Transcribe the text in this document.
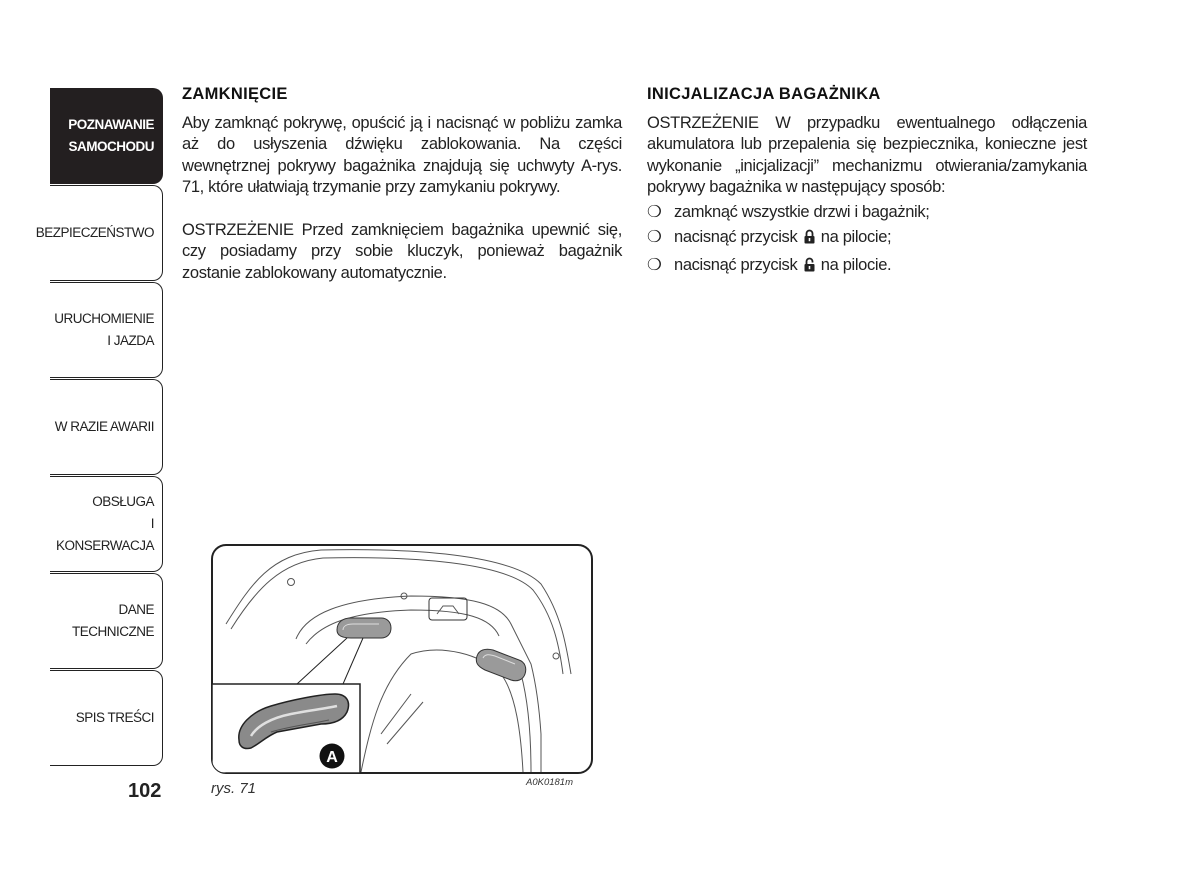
POZNAWANIE
SAMOCHODU
BEZPIECZEŃSTWO
URUCHOMIENIE
I JAZDA
W RAZIE AWARII
OBSŁUGA
I KONSERWACJA
DANE
TECHNICZNE
SPIS TREŚCI
102
ZAMKNIĘCIE

Aby zamknąć pokrywę, opuścić ją i nacisnąć w pobliżu zamka aż do usłyszenia dźwięku zablokowania. Na części wewnętrznej pokrywy bagażnika znajdują się uchwyty A-rys. 71, które ułatwiają trzymanie przy zamykaniu pokrywy.

OSTRZEŻENIE Przed zamknięciem bagażnika upewnić się, czy posiadamy przy sobie kluczyk, ponieważ bagażnik zostanie zablokowany automatycznie.

INICJALIZACJA BAGAŻNIKA

OSTRZEŻENIE W przypadku ewentualnego odłączenia akumulatora lub przepalenia się bezpiecznika, konieczne jest wykonanie „inicjalizacji” mechanizmu otwierania/zamykania pokrywy bagażnika w następujący sposób:

❍ zamknąć wszystkie drzwi i bagażnik;
❍ nacisnąć przycisk  na pilocie;
❍ nacisnąć przycisk  na pilocie.
A
rys. 71	A0K0181m
